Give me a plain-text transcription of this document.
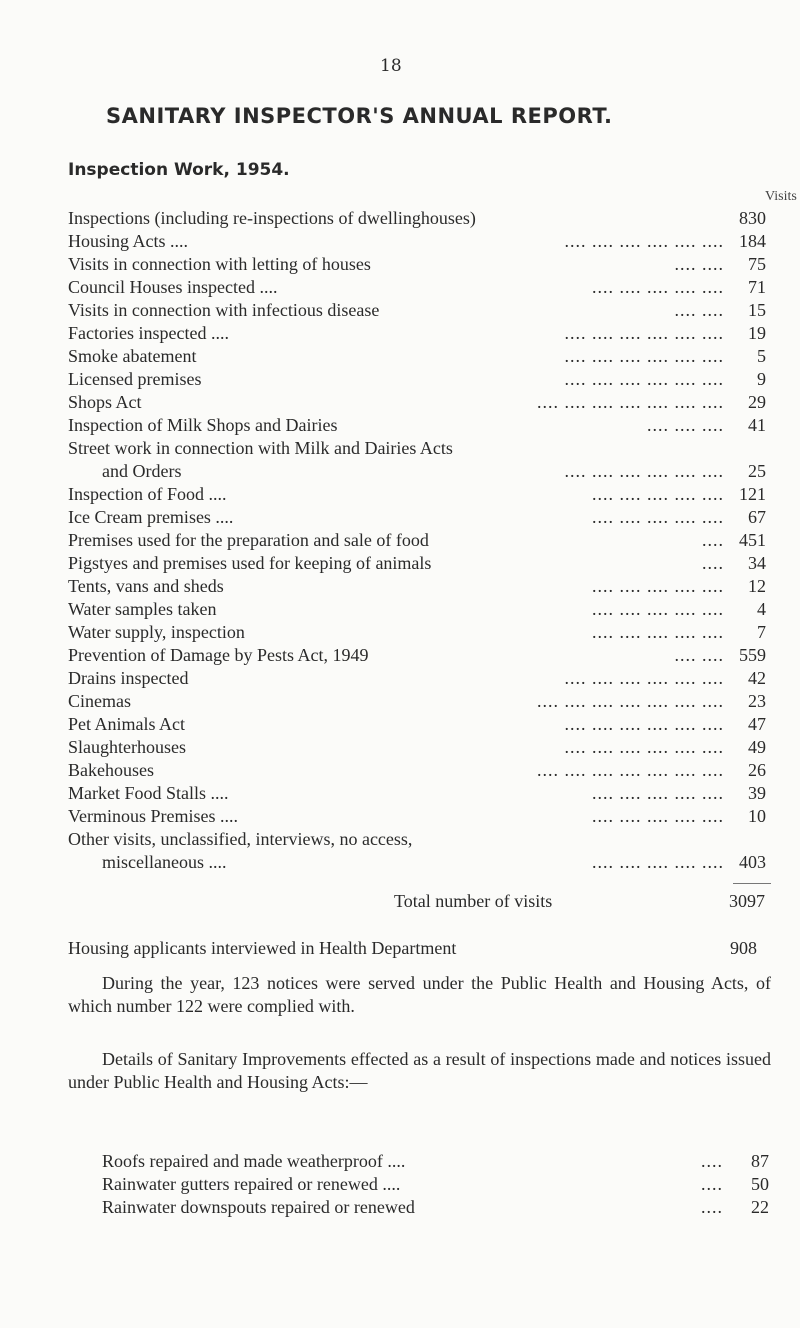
18
SANITARY INSPECTOR'S ANNUAL REPORT.
Inspection Work, 1954.
Visits
Inspections (including re-inspections of dwellinghouses)	830
Housing Acts ....	.... .... .... .... .... .... 184
Visits in connection with letting of houses	.... .... 75
Council Houses inspected ....	.... .... .... .... .... 71
Visits in connection with infectious disease	.... .... 15
Factories inspected ....	.... .... .... .... .... .... 19
Smoke abatement	.... .... .... .... .... .... 5
Licensed premises	.... .... .... .... .... .... 9
Shops Act	.... .... .... .... .... .... .... 29
Inspection of Milk Shops and Dairies	.... .... .... 41
Street work in connection with Milk and Dairies Acts
and Orders	.... .... .... .... .... .... 25
Inspection of Food ....	.... .... .... .... .... 121
Ice Cream premises ....	.... .... .... .... .... 67
Premises used for the preparation and sale of food	.... 451
Pigstyes and premises used for keeping of animals	.... 34
Tents, vans and sheds	.... .... .... .... .... 12
Water samples taken	.... .... .... .... .... 4
Water supply, inspection	.... .... .... .... .... 7
Prevention of Damage by Pests Act, 1949	.... .... 559
Drains inspected	.... .... .... .... .... .... 42
Cinemas	.... .... .... .... .... .... .... 23
Pet Animals Act	.... .... .... .... .... .... 47
Slaughterhouses	.... .... .... .... .... .... 49
Bakehouses	.... .... .... .... .... .... .... 26
Market Food Stalls ....	.... .... .... .... .... 39
Verminous Premises ....	.... .... .... .... .... 10
Other visits, unclassified, interviews, no access,
miscellaneous ....	.... .... .... .... .... 403
Total number of visits	3097
Housing applicants interviewed in Health Department	908
During the year, 123 notices were served under the Public Health and Housing Acts, of which number 122 were complied with.
Details of Sanitary Improvements effected as a result of inspections made and notices issued under Public Health and Housing Acts:—
Roofs repaired and made weatherproof ....	.... 87
Rainwater gutters repaired or renewed ....	.... 50
Rainwater downspouts repaired or renewed	.... 22
